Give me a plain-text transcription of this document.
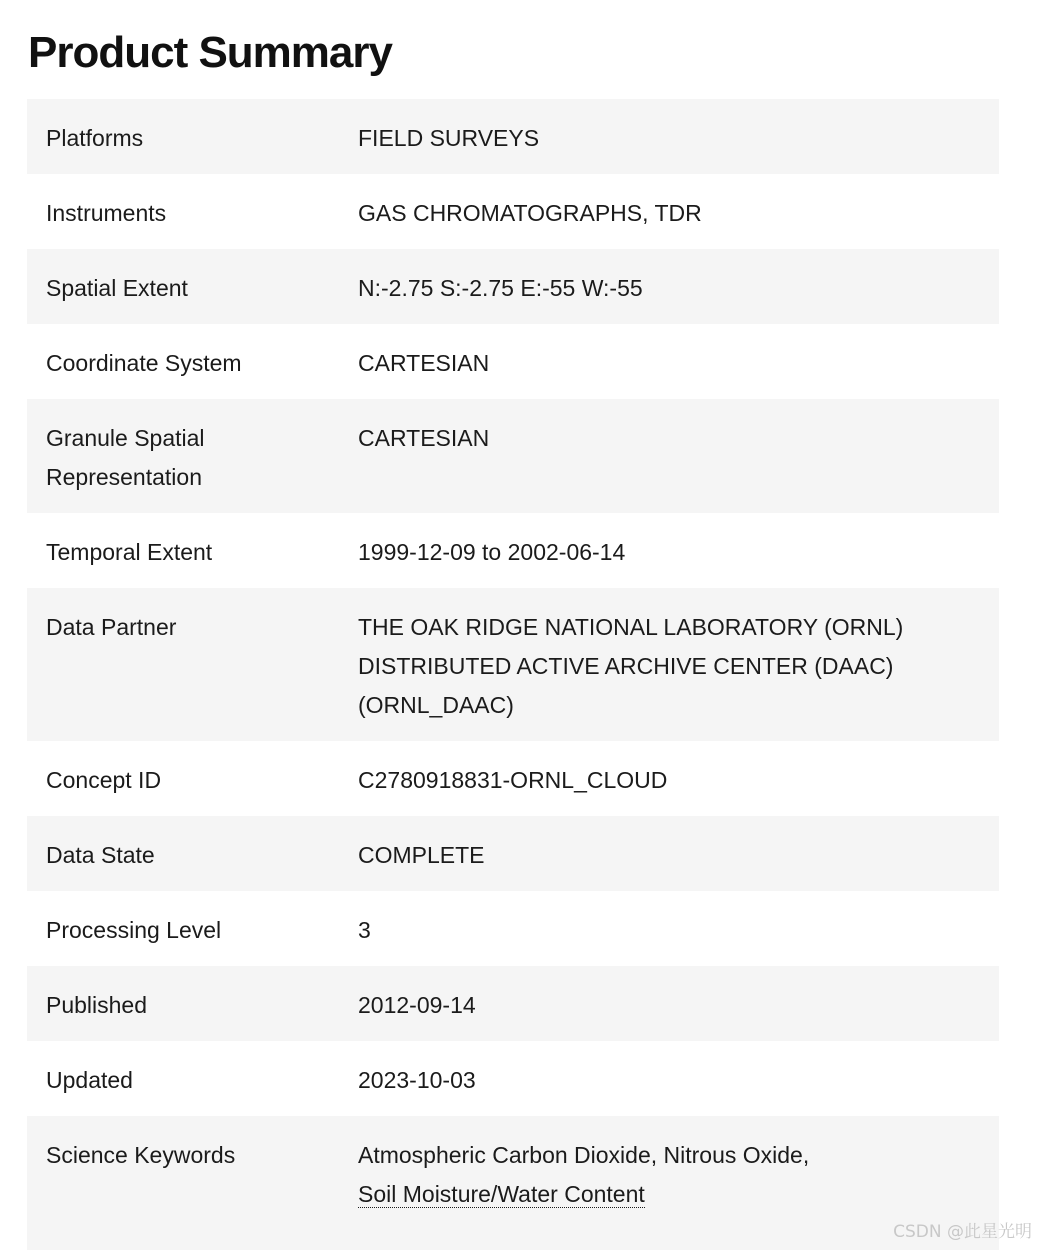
Product Summary
Platforms	FIELD SURVEYS
Instruments	GAS CHROMATOGRAPHS, TDR
Spatial Extent	N:-2.75 S:-2.75 E:-55 W:-55
Coordinate System	CARTESIAN
Granule Spatial Representation	CARTESIAN
Temporal Extent	1999-12-09 to 2002-06-14
Data Partner	THE OAK RIDGE NATIONAL LABORATORY (ORNL) DISTRIBUTED ACTIVE ARCHIVE CENTER (DAAC) (ORNL_DAAC)
Concept ID	C2780918831-ORNL_CLOUD
Data State	COMPLETE
Processing Level	3
Published	2012-09-14
Updated	2023-10-03
Science Keywords	Atmospheric Carbon Dioxide, Nitrous Oxide,
Soil Moisture/Water Content
CSDN @此星光明
